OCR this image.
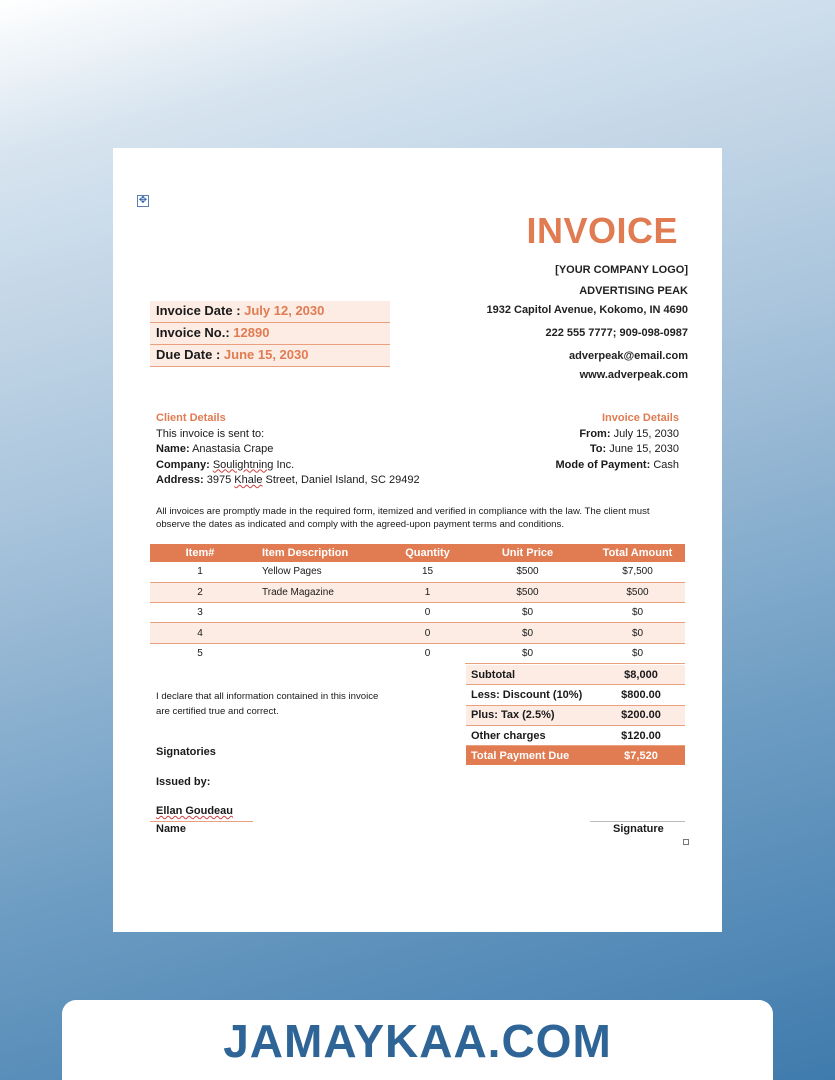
✥
INVOICE
[YOUR COMPANY LOGO]
ADVERTISING PEAK
1932 Capitol Avenue, Kokomo, IN 4690
222 555 7777; 909-098-0987
adverpeak@email.com
www.adverpeak.com
Invoice Date : July 12, 2030
Invoice No.: 12890
Due Date : June 15, 2030
Client Details
This invoice is sent to:
Name: Anastasia Crape
Company: Soulightning Inc.
Address: 3975 Khale Street, Daniel Island, SC 29492
Invoice Details
From: July 15, 2030
To: June 15, 2030
Mode of Payment: Cash
All invoices are promptly made in the required form, itemized and verified in compliance with the law. The client must observe the dates as indicated and comply with the agreed-upon payment terms and conditions.
Item#	Item Description	Quantity	Unit Price	Total Amount
1	Yellow Pages	15	$500	$7,500
2	Trade Magazine	1	$500	$500
3		0	$0	$0
4		0	$0	$0
5		0	$0	$0
Subtotal	$8,000
Less: Discount (10%)	$800.00
Plus: Tax (2.5%)	$200.00
Other charges	$120.00
Total Payment Due	$7,520
I declare that all information contained in this invoice are certified true and correct.
Signatories
Issued by:
Ellan Goudeau
Name	Signature
JAMAYKAA.COM
